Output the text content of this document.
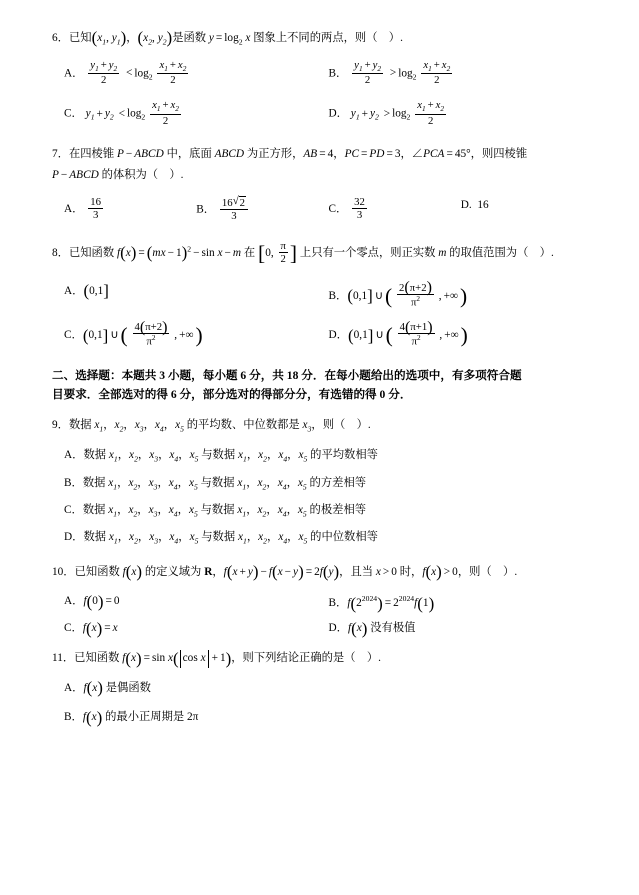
6．已知($x_1$, $y_1$)，($x_2$, $y_2$)是函数 $y = \log_2 x$ 图象上不同的两点，则（    ）.
A． $\frac{y_1 + y_2}{2} < \log_2 \frac{x_1 + x_2}{2}$	B． $\frac{y_1 + y_2}{2} > \log_2 \frac{x_1 + x_2}{2}$
C． $y_1 + y_2 < \log_2 \frac{x_1 + x_2}{2}$	D． $y_1 + y_2 > \log_2 \frac{x_1 + x_2}{2}$
7．在四棱锥 P − ABCD 中，底面 ABCD 为正方形，AB = 4，PC = PD = 3，∠PCA = 45°，则四棱锥
P − ABCD 的体积为（    ）.
A． $\frac{16}{3}$	B． $\frac{16 √ 2}{3}$	C． $\frac{32}{3}$	D.  16
8．已知函数 f(x) = (mx − 1)$^2$ − sin x − m 在 [0, $\frac{\pi}{2}$ ] 上只有一个零点，则正实数 m 的取值范围为（    ）.
A．(0,1]	B．(0,1] ∪( $\frac{2(\pi+2)}{\pi^2}$ , +∞)
C．(0,1] ∪( $\frac{4(\pi+2)}{\pi^2}$ , +∞)	D．(0,1] ∪( $\frac{4(\pi+1)}{\pi^2}$ , +∞)
二、选择题：本题共 3 小题，每小题 6 分，共 18 分．在每小题给出的选项中，有多项符合题
目要求．全部选对的得 6 分，部分选对的得部分分，有选错的得 0 分．
9．数据 $x_1$，$x_2$，$x_3$，$x_4$，$x_5$ 的平均数、中位数都是 $x_3$，则（    ）.
A．数据 $x_1$，$x_2$，$x_3$，$x_4$，$x_5$ 与数据 $x_1$，$x_2$，$x_4$，$x_5$ 的平均数相等
B．数据 $x_1$，$x_2$，$x_3$，$x_4$，$x_5$ 与数据 $x_1$，$x_2$，$x_4$，$x_5$ 的方差相等
C．数据 $x_1$，$x_2$，$x_3$，$x_4$，$x_5$ 与数据 $x_1$，$x_2$，$x_4$，$x_5$ 的极差相等
D．数据 $x_1$，$x_2$，$x_3$，$x_4$，$x_5$ 与数据 $x_1$，$x_2$，$x_4$，$x_5$ 的中位数相等
10．已知函数 f(x) 的定义域为 R，f(x + y) − f(x − y) = 2f(y)，且当 x > 0 时，f(x) > 0，则（    ）.
A．f(0) = 0	B．$f(2^{2024}) = 2^{2024}f(1)$
C．f(x) = x	D．f(x) 没有极值
11．已知函数 f(x) = sin x( cos x + 1)，则下列结论正确的是（    ）.
A．f(x) 是偶函数
B．f(x) 的最小正周期是 2π
